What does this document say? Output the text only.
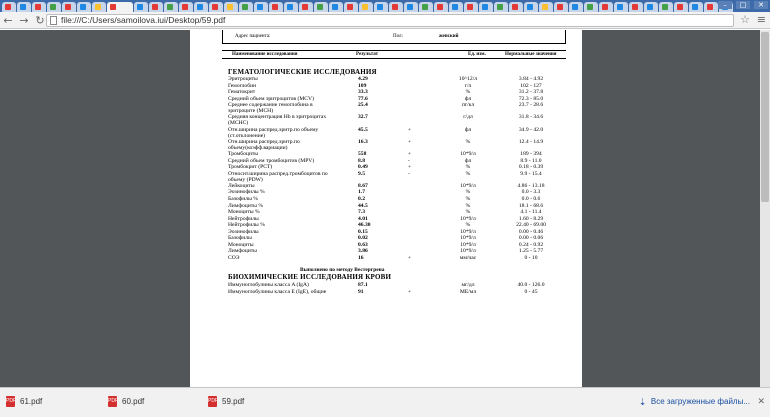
–	□	✕
← → ↻	file:///C:/Users/samoilova.iui/Desktop/59.pdf	☆ ≡
Адрес пациента:	Пол:	женский
Наименование исследования	Результат	Ед. изм.	Нормальные значения
ГЕМАТОЛОГИЧЕСКИЕ ИССЛЕДОВАНИЯ
Эритроциты	4.29	10^12/л	3.84 - 4.92
Гемоглобин	109	г/л	102 - 127
Гематокрит	33.3	%	31.2 - 37.8
Средний объем эритроцитов (MCV)	77.6	фл	72.3 - 85.0
Среднее содержание гемоглобина в эритроците (MCH)
25.4	пг/кл	23.7 - 28.6
Средняя концентрация Hb в эритроцитах (MCHC)
32.7	г/дл	31.8 - 34.6
Отн.ширина распред.эритр.по объему (ст.отклонение)
45.5	+	фл	34.9 - 42.0
Отн.ширина распред.эритр.по объему(коэфф.вариации)
16.3	+	%	12.4 - 14.9
Тромбоциты	558	+	10*9/л	189 - 394
Средний объем тромбоцитов (MPV)	8.8	-	фл	8.9 - 11.0
Тромбокрит (PCT)	0.49	+	%	0.18 - 0.39
Относит.ширина распред.тромбоцитов по объему (PDW)
9.5	-	%	9.9 - 15.4
Лейкоциты	8.67	10*9/л	4.86 - 13.18
Эозинофилы %	1.7	%	0.0 - 3.3
Базофилы %	0.2	%	0.0 - 0.6
Лимфоциты %	44.5	%	18.1 - 68.6
Моноциты %	7.3	%	4.1 - 11.4
Нейтрофилы	4.01	10*9/л	1.60 - 8.29
Нейтрофилы %	46.30	%	22.40 - 69.00
Эозинофилы	0.15	10*9/л	0.00 - 0.46
Базофилы	0.02	10*9/л	0.00 - 0.06
Моноциты	0.63	10*9/л	0.24 - 0.92
Лимфоциты	3.86	10*9/л	1.25 - 5.77
СОЭ	16	+	мм/час	0 - 10
Выполнено по методу Вестергрена
БИОХИМИЧЕСКИЕ ИССЛЕДОВАНИЯ КРОВИ
Иммуноглобулины класса A (IgA)	87.1	мг/дл	40.0 - 126.0
Иммуноглобулины класса E (IgE), общие	91	+	МЕ/мл	0 - 45
PDF 61.pdf	PDF 60.pdf	PDF 59.pdf	⇣ Все загруженные файлы... ✕
